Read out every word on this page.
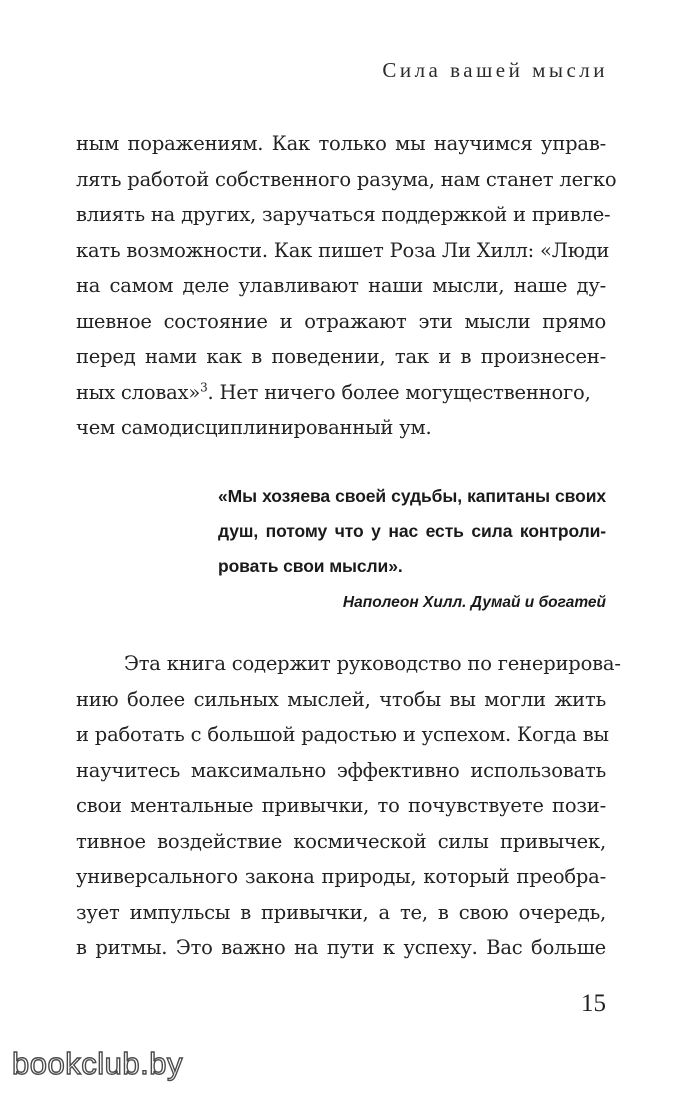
Сила вашей мысли
ным поражениям. Как только мы научимся управ-
лять работой собственного разума, нам станет легко
влиять на других, заручаться поддержкой и привле-
кать возможности. Как пишет Роза Ли Хилл: «Люди
на самом деле улавливают наши мысли, наше ду-
шевное состояние и отражают эти мысли прямо
перед нами как в поведении, так и в произнесен-
ных словах»$^3$. Нет ничего более могущественного,
чем самодисциплинированный ум.
«Мы хозяева своей судьбы, капитаны своих
душ, потому что у нас есть сила контроли-
ровать свои мысли».
Наполеон Хилл. Думай и богатей
Эта книга содержит руководство по генерирова-
нию более сильных мыслей, чтобы вы могли жить
и работать с большой радостью и успехом. Когда вы
научитесь максимально эффективно использовать
свои ментальные привычки, то почувствуете пози-
тивное воздействие космической силы привычек,
универсального закона природы, который преобра-
зует импульсы в привычки, а те, в свою очередь,
в ритмы. Это важно на пути к успеху. Вас больше
15
bookclub.by
